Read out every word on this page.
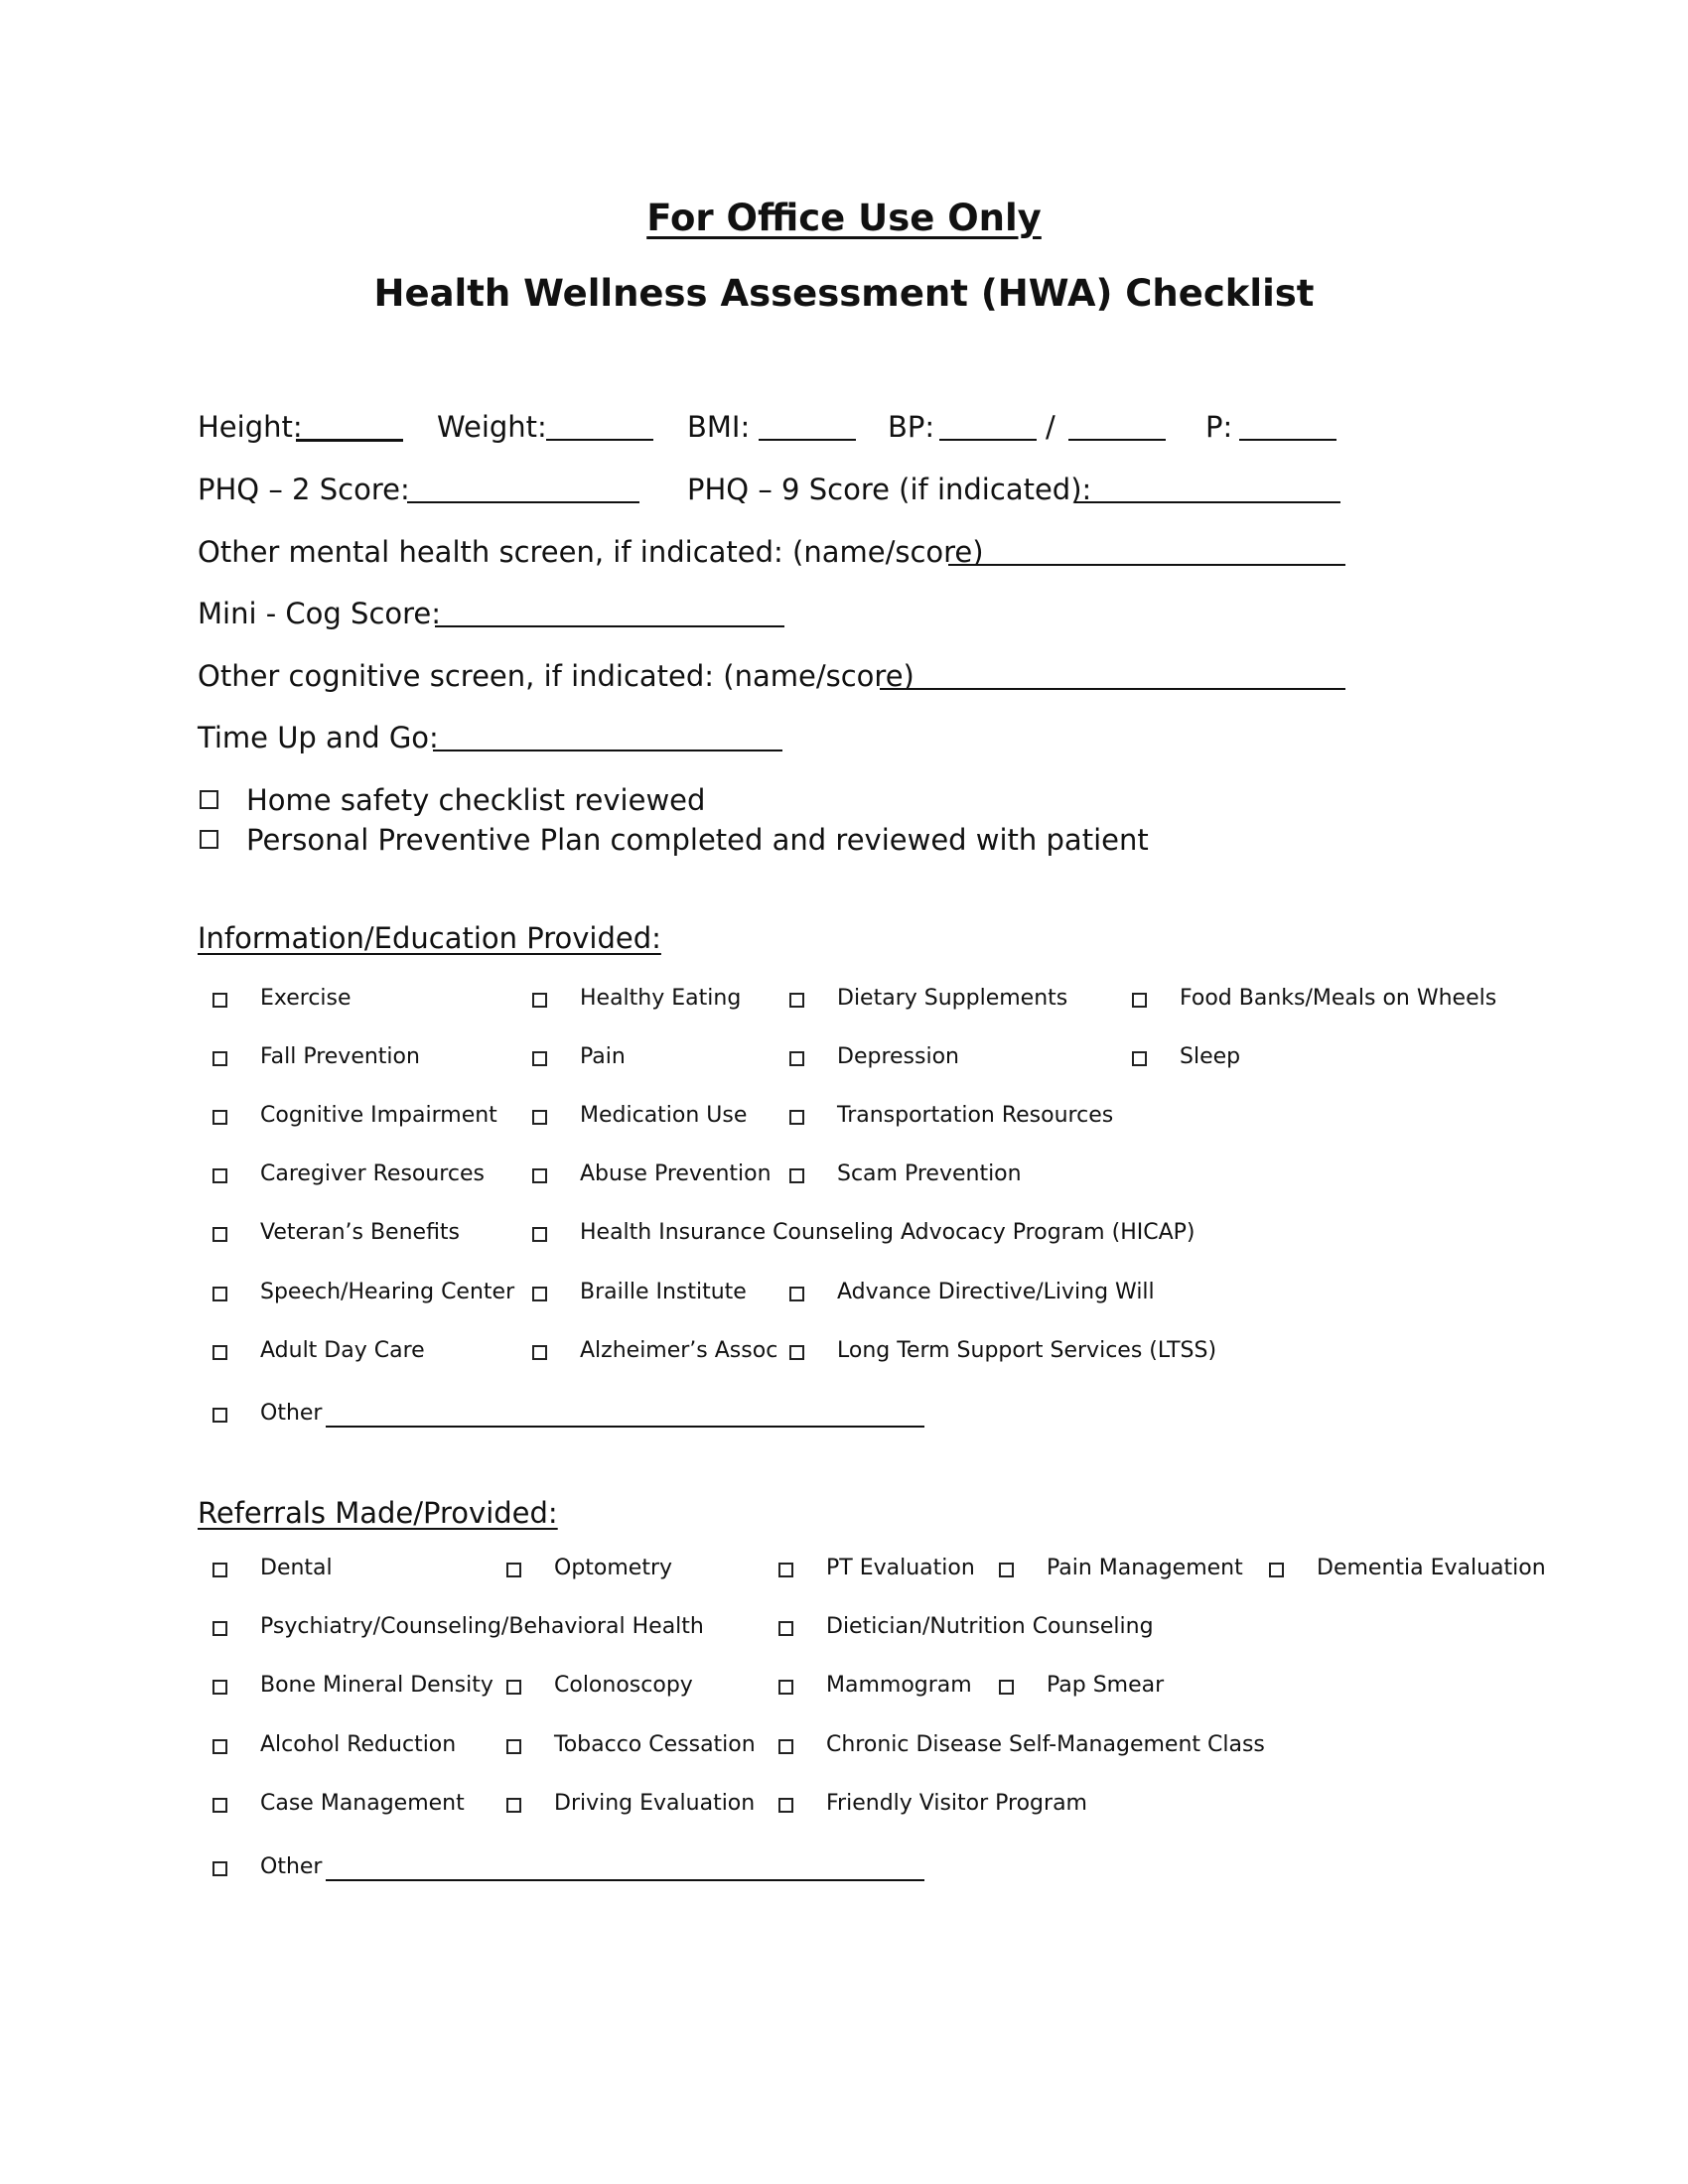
For Office Use Only
Health Wellness Assessment (HWA) Checklist
Height:	Weight:	BMI:	BP:	/	P:
PHQ – 2 Score:	PHQ – 9 Score (if indicated):
Other mental health screen, if indicated: (name/score)
Mini - Cog Score:
Other cognitive screen, if indicated: (name/score)
Time Up and Go:
Home safety checklist reviewed
Personal Preventive Plan completed and reviewed with patient
Information/Education Provided:
Exercise	Healthy Eating	Dietary Supplements	Food Banks/Meals on Wheels
Fall Prevention	Pain	Depression	Sleep
Cognitive Impairment	Medication Use	Transportation Resources
Caregiver Resources	Abuse Prevention	Scam Prevention
Veteran’s Benefits	Health Insurance Counseling Advocacy Program (HICAP)
Speech/Hearing Center	Braille Institute	Advance Directive/Living Will
Adult Day Care	Alzheimer’s Assoc	Long Term Support Services (LTSS)
Other
Referrals Made/Provided:
Dental	Optometry	PT Evaluation	Pain Management	Dementia Evaluation
Psychiatry/Counseling/Behavioral Health	Dietician/Nutrition Counseling
Bone Mineral Density	Colonoscopy	Mammogram	Pap Smear
Alcohol Reduction	Tobacco Cessation	Chronic Disease Self-Management Class
Case Management	Driving Evaluation	Friendly Visitor Program
Other
